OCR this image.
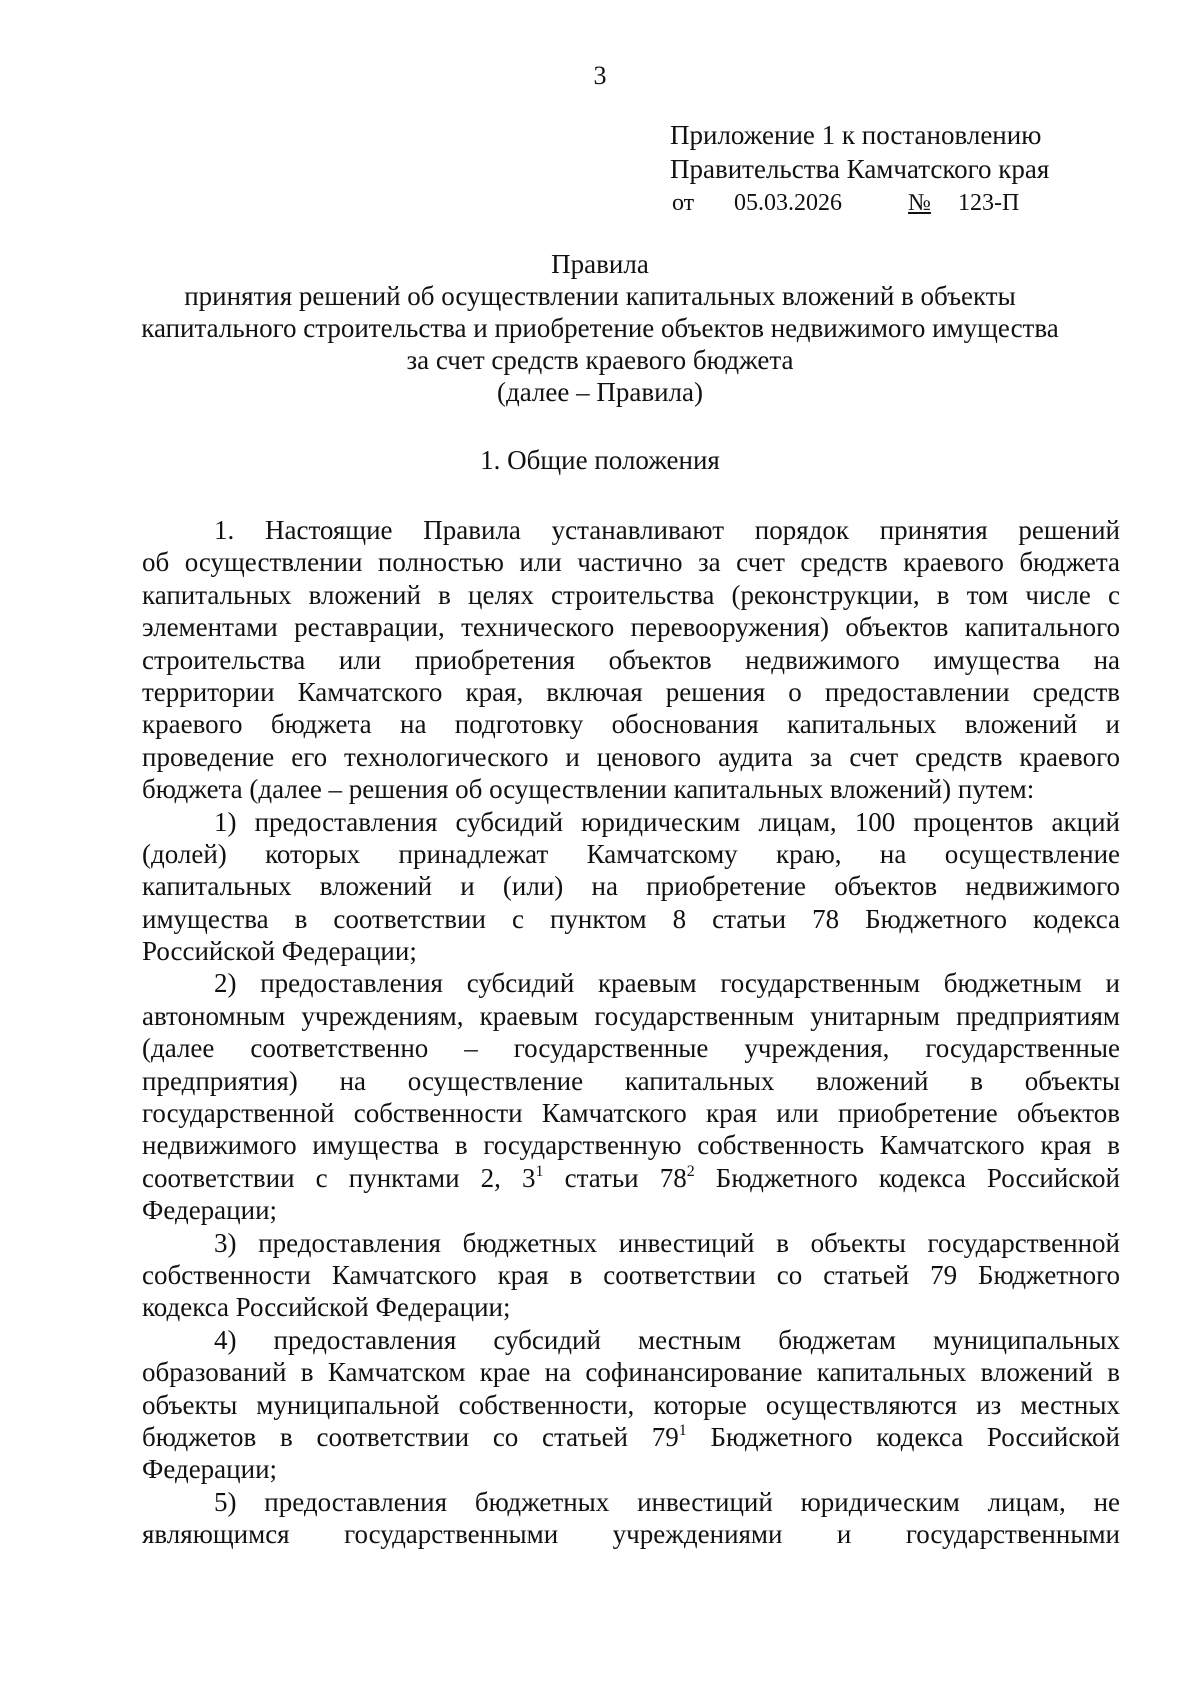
3
Приложение 1 к постановлению
Правительства Камчатского края
от 05.03.2026	№ 123-П
Правила
принятия решений об осуществлении капитальных вложений в объекты
капитального строительства и приобретение объектов недвижимого имущества
за счет средств краевого бюджета
(далее – Правила)
1. Общие положения
1. Настоящие Правила устанавливают порядок принятия решений
об осуществлении полностью или частично за счет средств краевого бюджета
капитальных вложений в целях строительства (реконструкции, в том числе с
элементами реставрации, технического перевооружения) объектов капитального
строительства или приобретения объектов недвижимого имущества на
территории Камчатского края, включая решения о предоставлении средств
краевого бюджета на подготовку обоснования капитальных вложений и
проведение его технологического и ценового аудита за счет средств краевого
бюджета (далее – решения об осуществлении капитальных вложений) путем:
1) предоставления субсидий юридическим лицам, 100 процентов акций
(долей) которых принадлежат Камчатскому краю, на осуществление
капитальных вложений и (или) на приобретение объектов недвижимого
имущества в соответствии с пунктом 8 статьи 78 Бюджетного кодекса
Российской Федерации;
2) предоставления субсидий краевым государственным бюджетным и
автономным учреждениям, краевым государственным унитарным предприятиям
(далее соответственно – государственные учреждения, государственные
предприятия) на осуществление капитальных вложений в объекты
государственной собственности Камчатского края или приобретение объектов
недвижимого имущества в государственную собственность Камчатского края в
соответствии с пунктами 2, $3^1$ статьи $78^2$ Бюджетного кодекса Российской
Федерации;
3) предоставления бюджетных инвестиций в объекты государственной
собственности Камчатского края в соответствии со статьей 79 Бюджетного
кодекса Российской Федерации;
4) предоставления субсидий местным бюджетам муниципальных
образований в Камчатском крае на софинансирование капитальных вложений в
объекты муниципальной собственности, которые осуществляются из местных
бюджетов в соответствии со статьей $79^1$ Бюджетного кодекса Российской
Федерации;
5) предоставления бюджетных инвестиций юридическим лицам, не
являющимся государственными учреждениями и государственными
